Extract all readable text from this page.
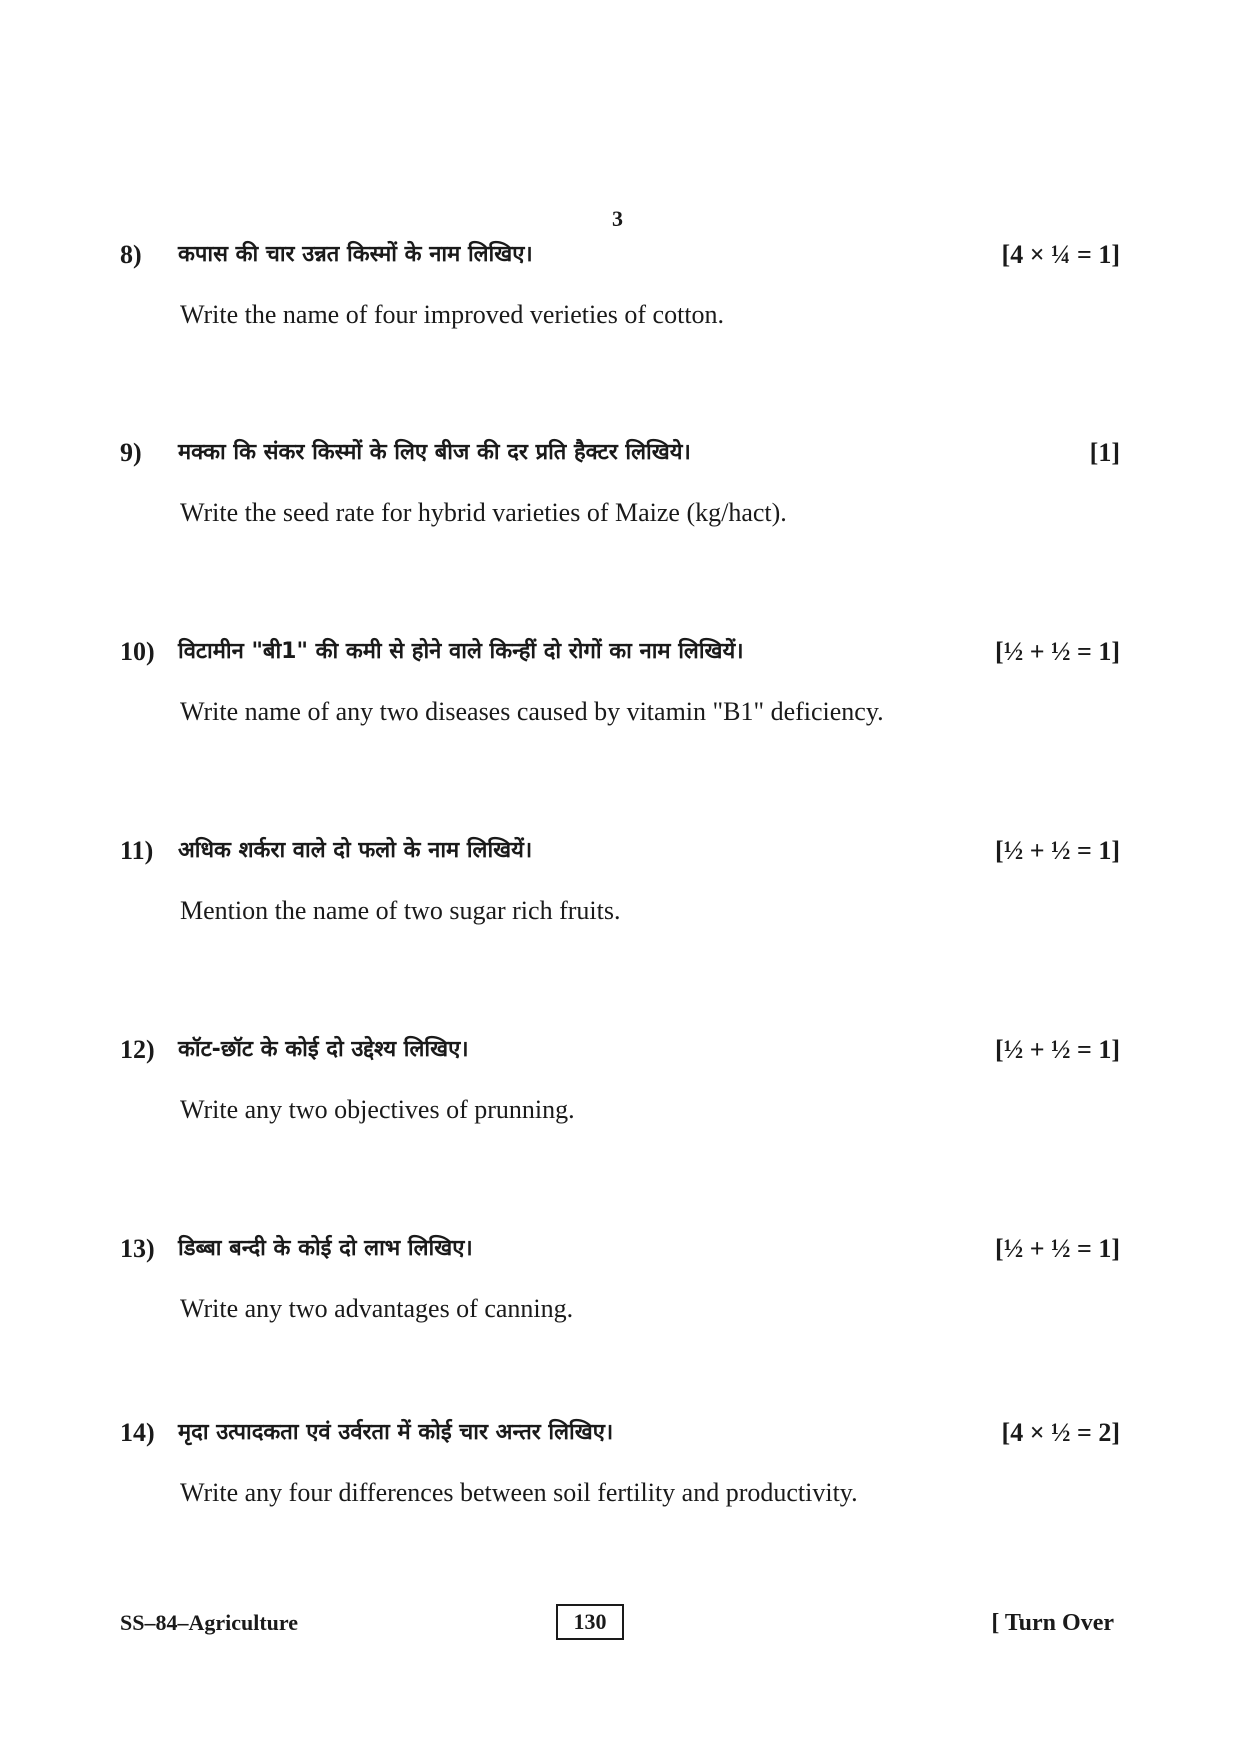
3
8) कपास की चार उन्नत किस्मों के नाम लिखिए।	[4 × ¼ = 1]
Write the name of four improved verieties of cotton.
9) मक्का कि संकर किस्मों के लिए बीज की दर प्रति हैक्टर लिखिये।	[1]
Write the seed rate for hybrid varieties of Maize (kg/hact).
10) विटामीन "बी1" की कमी से होने वाले किन्हीं दो रोगों का नाम लिखियें।	[½ + ½ = 1]
Write name of any two diseases caused by vitamin "B1" deficiency.
11) अधिक शर्करा वाले दो फलो के नाम लिखियें।	[½ + ½ = 1]
Mention the name of two sugar rich fruits.
12) कॉट-छॉट के कोई दो उद्देश्य लिखिए।	[½ + ½ = 1]
Write any two objectives of prunning.
13) डिब्बा बन्दी के कोई दो लाभ लिखिए।	[½ + ½ = 1]
Write any two advantages of canning.
14) मृदा उत्पादकता एवं उर्वरता में कोई चार अन्तर लिखिए।	[4 × ½ = 2]
Write any four differences between soil fertility and productivity.
SS–84–Agriculture	130	[ Turn Over
